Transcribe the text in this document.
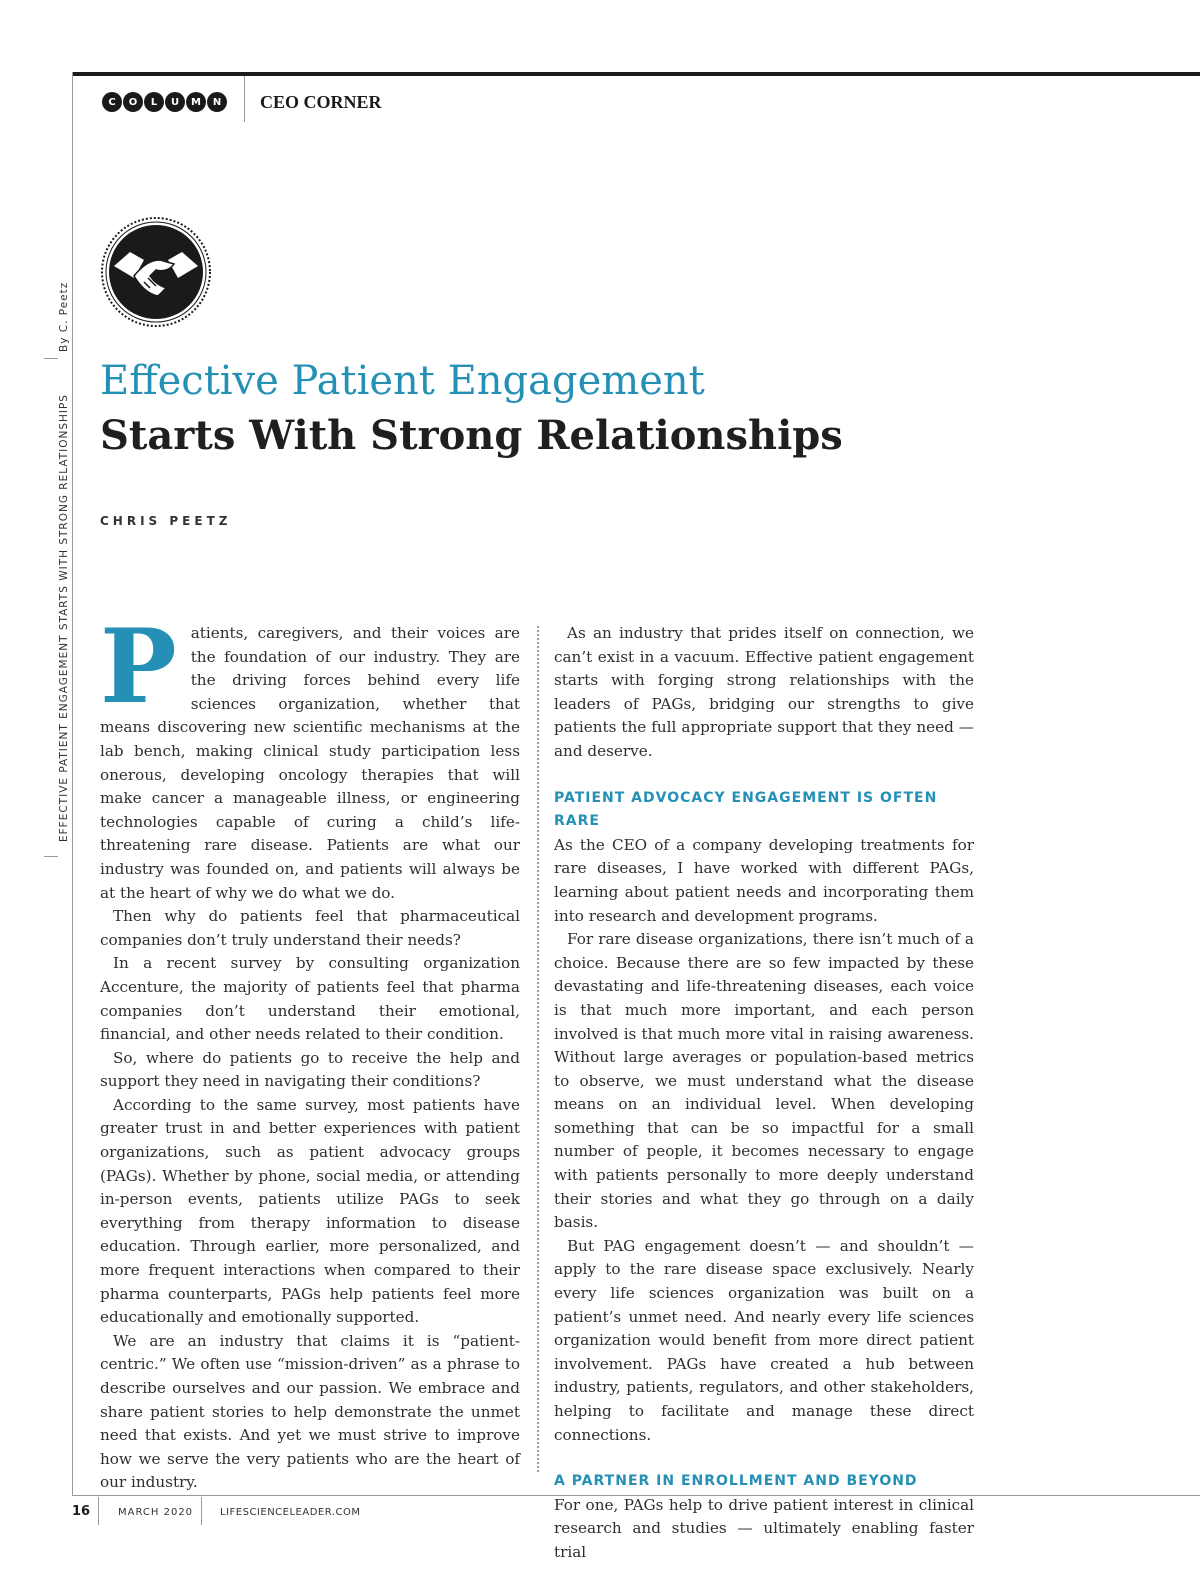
C	O	L	U	M	N	CEO CORNER
By C. Peetz
EFFECTIVE PATIENT ENGAGEMENT STARTS WITH STRONG RELATIONSHIPS
Effective Patient Engagement
Starts With Strong Relationships
CHRIS PEETZ

Patients, caregivers, and their voices are the foundation of our industry. They are the driving forces behind every life sciences organization, whether that means discovering new scientific mechanisms at the lab bench, making clinical study participation less onerous, developing oncology therapies that will make cancer a manageable illness, or engineering technologies capable of curing a child’s life-threatening rare disease. Patients are what our industry was founded on, and patients will always be at the heart of why we do what we do.

Then why do patients feel that pharmaceutical companies don’t truly understand their needs?

In a recent survey by consulting organization Accenture, the majority of patients feel that pharma companies don’t understand their emotional, financial, and other needs related to their condition.

So, where do patients go to receive the help and support they need in navigating their conditions?

According to the same survey, most patients have greater trust in and better experiences with patient organizations, such as patient advocacy groups (PAGs). Whether by phone, social media, or attending in-person events, patients utilize PAGs to seek everything from therapy information to disease education. Through earlier, more personalized, and more frequent interactions when compared to their pharma counterparts, PAGs help patients feel more educationally and emotionally supported.

We are an industry that claims it is “patient-centric.” We often use “mission-driven” as a phrase to describe ourselves and our passion. We embrace and share patient stories to help demonstrate the unmet need that exists. And yet we must strive to improve how we serve the very patients who are the heart of our industry.

As an industry that prides itself on connection, we can’t exist in a vacuum. Effective patient engagement starts with forging strong relationships with the leaders of PAGs, bridging our strengths to give patients the full appropriate support that they need — and deserve.

PATIENT ADVOCACY ENGAGEMENT IS OFTEN RARE

As the CEO of a company developing treatments for rare diseases, I have worked with different PAGs, learning about patient needs and incorporating them into research and development programs.

For rare disease organizations, there isn’t much of a choice. Because there are so few impacted by these devastating and life-threatening diseases, each voice is that much more important, and each person involved is that much more vital in raising awareness. Without large averages or population-based metrics to observe, we must understand what the disease means on an individual level. When developing something that can be so impactful for a small number of people, it becomes necessary to engage with patients personally to more deeply understand their stories and what they go through on a daily basis.

But PAG engagement doesn’t — and shouldn’t — apply to the rare disease space exclusively. Nearly every life sciences organization was built on a patient’s unmet need. And nearly every life sciences organization would benefit from more direct patient involvement. PAGs have created a hub between industry, patients, regulators, and other stakeholders, helping to facilitate and manage these direct connections.

A PARTNER IN ENROLLMENT AND BEYOND

For one, PAGs help to drive patient interest in clinical research and studies — ultimately enabling faster trial

16	MARCH 2020	LIFESCIENCELEADER.COM
